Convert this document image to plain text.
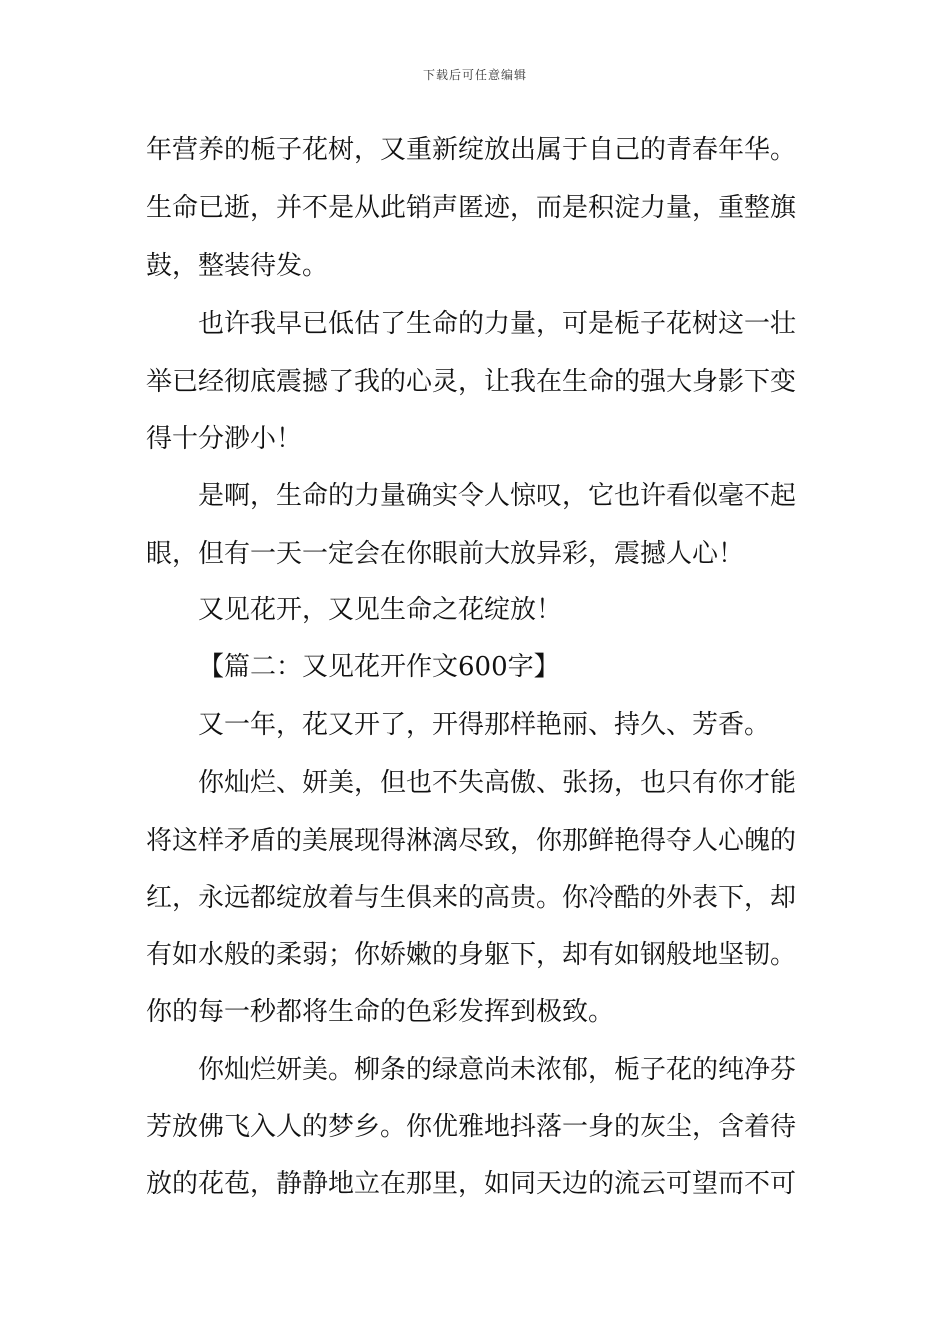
下载后可任意编辑
年营养的栀子花树，又重新绽放出属于自己的青春年华。
生命已逝，并不是从此销声匿迹，而是积淀力量，重整旗
鼓，整装待发。
也许我早已低估了生命的力量，可是栀子花树这一壮
举已经彻底震撼了我的心灵，让我在生命的强大身影下变
得十分渺小！
是啊，生命的力量确实令人惊叹，它也许看似毫不起
眼，但有一天一定会在你眼前大放异彩，震撼人心！
又见花开，又见生命之花绽放！
【篇二：又见花开作文600字】
又一年，花又开了，开得那样艳丽、持久、芳香。
你灿烂、妍美，但也不失高傲、张扬，也只有你才能
将这样矛盾的美展现得淋漓尽致，你那鲜艳得夺人心魄的
红，永远都绽放着与生俱来的高贵。你冷酷的外表下，却
有如水般的柔弱；你娇嫩的身躯下，却有如钢般地坚韧。
你的每一秒都将生命的色彩发挥到极致。
你灿烂妍美。柳条的绿意尚未浓郁，栀子花的纯净芬
芳放佛飞入人的梦乡。你优雅地抖落一身的灰尘，含着待
放的花苞，静静地立在那里，如同天边的流云可望而不可
